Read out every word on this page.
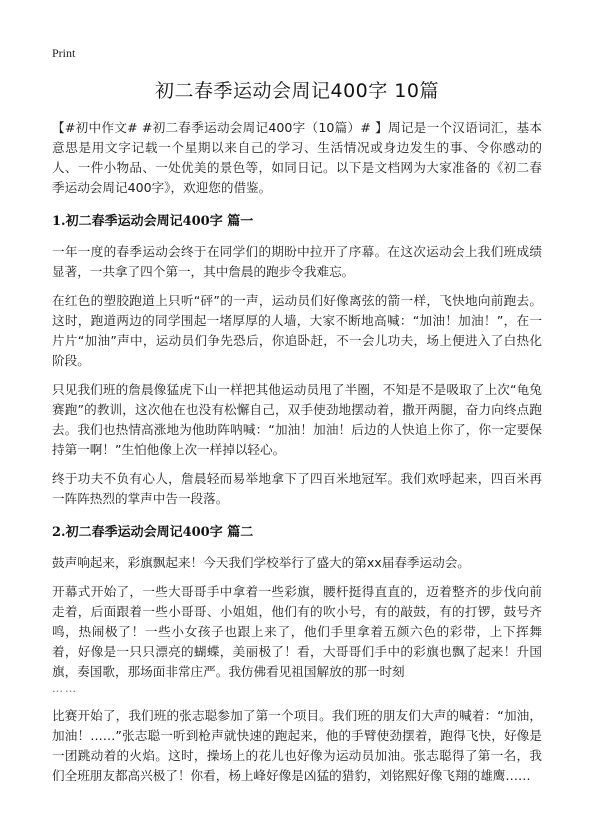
Print
初二春季运动会周记400字 10篇

【#初中作文# #初二春季运动会周记400字（10篇）# 】周记是一个汉语词汇，基本意思是用文字记载一个星期以来自己的学习、生活情况或身边发生的事、令你感动的人、一件小物品、一处优美的景色等，如同日记。以下是文档网为大家准备的《初二春季运动会周记400字》，欢迎您的借鉴。

1.初二春季运动会周记400字 篇一

一年一度的春季运动会终于在同学们的期盼中拉开了序幕。在这次运动会上我们班成绩显著，一共拿了四个第一，其中詹晨的跑步令我难忘。

在红色的塑胶跑道上只听“砰”的一声，运动员们好像离弦的箭一样，飞快地向前跑去。这时，跑道两边的同学围起一堵厚厚的人墙，大家不断地高喊：“加油！加油！”，在一片片“加油”声中，运动员们争先恐后，你追卧赶，不一会儿功夫，场上便进入了白热化阶段。

只见我们班的詹晨像猛虎下山一样把其他运动员甩了半圈，不知是不是吸取了上次“龟兔赛跑”的教训，这次他在也没有松懈自己，双手使劲地摆动着，撒开两腿，奋力向终点跑去。我们也热情高涨地为他助阵呐喊：“加油！加油！后边的人快追上你了，你一定要保持第一啊！”生怕他像上次一样掉以轻心。

终于功夫不负有心人，詹晨轻而易举地拿下了四百米地冠军。我们欢呼起来，四百米再一阵阵热烈的掌声中告一段落。

2.初二春季运动会周记400字 篇二

鼓声响起来，彩旗飘起来！今天我们学校举行了盛大的第xx届春季运动会。

开幕式开始了，一些大哥哥手中拿着一些彩旗，腰杆挺得直直的，迈着整齐的步伐向前走着，后面跟着一些小哥哥、小姐姐，他们有的吹小号，有的敲鼓，有的打锣，鼓号齐鸣，热闹极了！一些小女孩子也跟上来了，他们手里拿着五颜六色的彩带，上下挥舞着，好像是一只只漂亮的蝴蝶，美丽极了！看，大哥哥们手中的彩旗也飘了起来！升国旗，奏国歌，那场面非常庄严。我仿佛看见祖国解放的那一时刻

……

比赛开始了，我们班的张志聪参加了第一个项目。我们班的朋友们大声的喊着：“加油，加油！……”张志聪一听到枪声就快速的跑起来，他的手臂使劲摆着，跑得飞快，好像是一团跳动着的火焰。这时，操场上的花儿也好像为运动员加油。张志聪得了第一名，我们全班朋友都高兴极了！你看，杨上峰好像是凶猛的猎豹，刘铭熙好像飞翔的雄鹰……
